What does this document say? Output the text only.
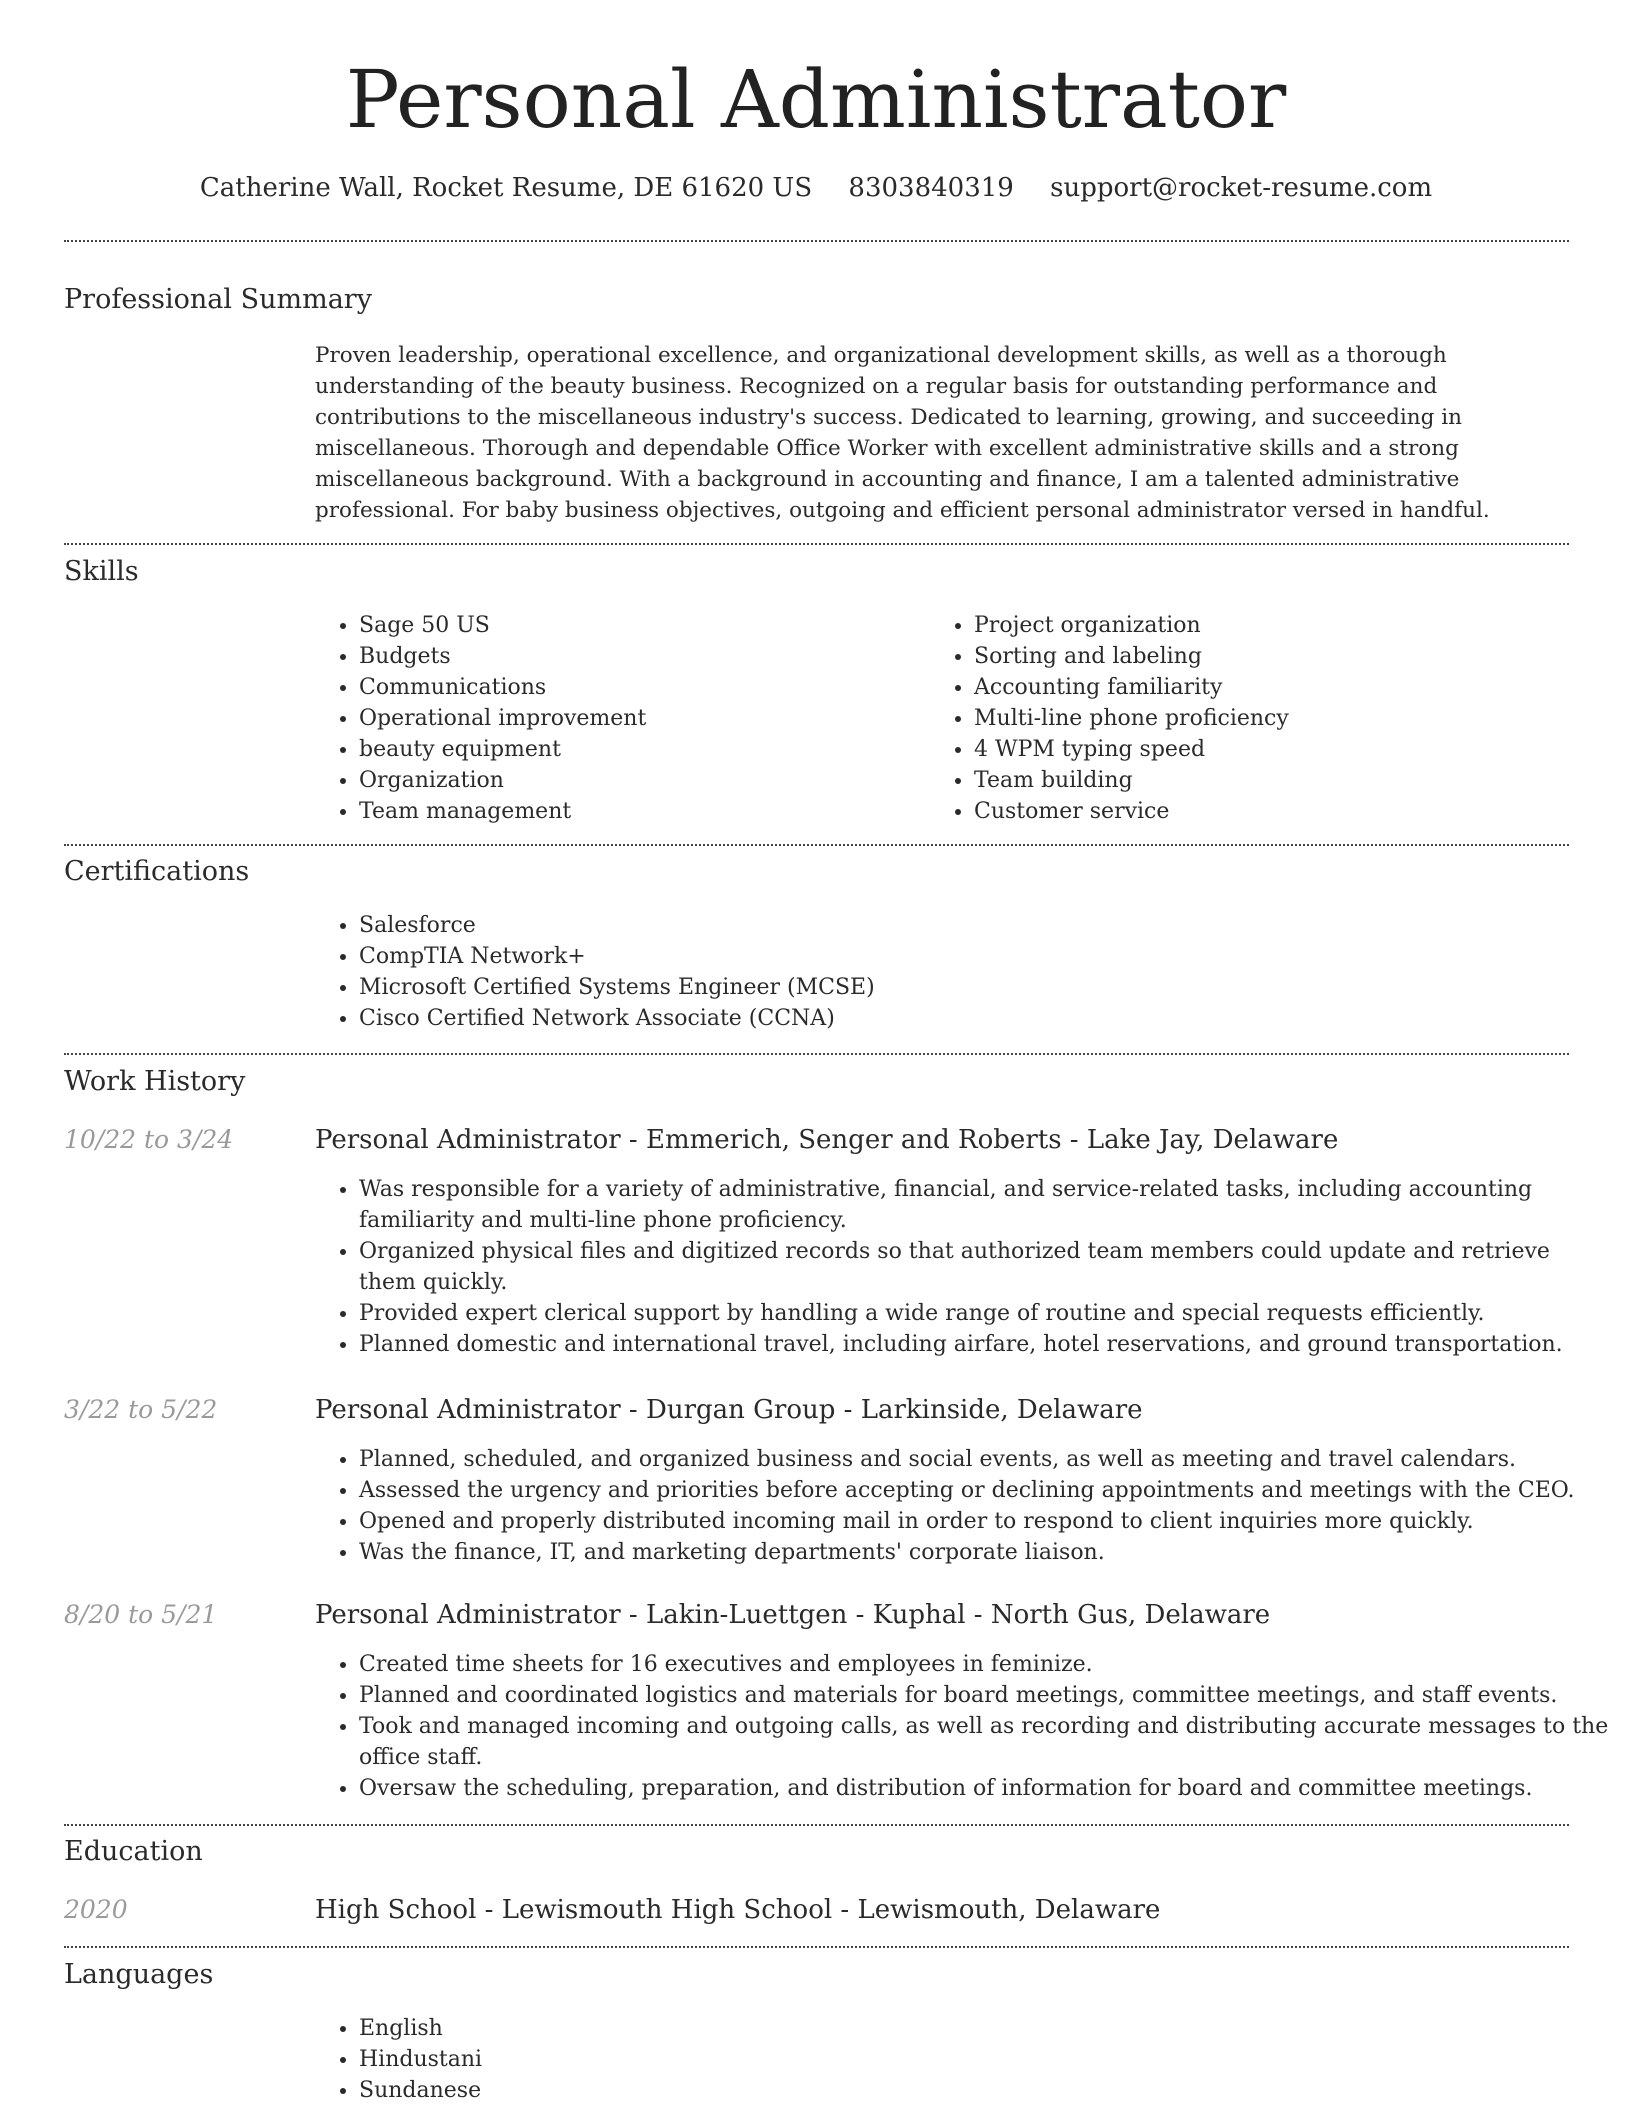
Personal Administrator
Catherine Wall, Rocket Resume, DE 61620 US 8303840319 support@rocket-resume.com
Professional Summary

Proven leadership, operational excellence, and organizational development skills, as well as a thorough understanding of the beauty business. Recognized on a regular basis for outstanding performance and contributions to the miscellaneous industry's success. Dedicated to learning, growing, and succeeding in miscellaneous. Thorough and dependable Office Worker with excellent administrative skills and a strong miscellaneous background. With a background in accounting and finance, I am a talented administrative professional. For baby business objectives, outgoing and efficient personal administrator versed in handful.

Skills
• Sage 50 US
• Budgets
• Communications
• Operational improvement
• beauty equipment
• Organization
• Team management
• Project organization
• Sorting and labeling
• Accounting familiarity
• Multi-line phone proficiency
• 4 WPM typing speed
• Team building
• Customer service
Certifications
• Salesforce
• CompTIA Network+
• Microsoft Certified Systems Engineer (MCSE)
• Cisco Certified Network Associate (CCNA)
Work History
10/22 to 3/24	Personal Administrator - Emmerich, Senger and Roberts - Lake Jay, Delaware
• Was responsible for a variety of administrative, financial, and service-related tasks, including accounting familiarity and multi-line phone proficiency.
• Organized physical files and digitized records so that authorized team members could update and retrieve them quickly.
• Provided expert clerical support by handling a wide range of routine and special requests efficiently.
• Planned domestic and international travel, including airfare, hotel reservations, and ground transportation.
3/22 to 5/22	Personal Administrator - Durgan Group - Larkinside, Delaware
• Planned, scheduled, and organized business and social events, as well as meeting and travel calendars.
• Assessed the urgency and priorities before accepting or declining appointments and meetings with the CEO.
• Opened and properly distributed incoming mail in order to respond to client inquiries more quickly.
• Was the finance, IT, and marketing departments' corporate liaison.
8/20 to 5/21	Personal Administrator - Lakin-Luettgen - Kuphal - North Gus, Delaware
• Created time sheets for 16 executives and employees in feminize.
• Planned and coordinated logistics and materials for board meetings, committee meetings, and staff events.
• Took and managed incoming and outgoing calls, as well as recording and distributing accurate messages to the office staff.
• Oversaw the scheduling, preparation, and distribution of information for board and committee meetings.
Education
2020	High School - Lewismouth High School - Lewismouth, Delaware
Languages
• English
• Hindustani
• Sundanese
